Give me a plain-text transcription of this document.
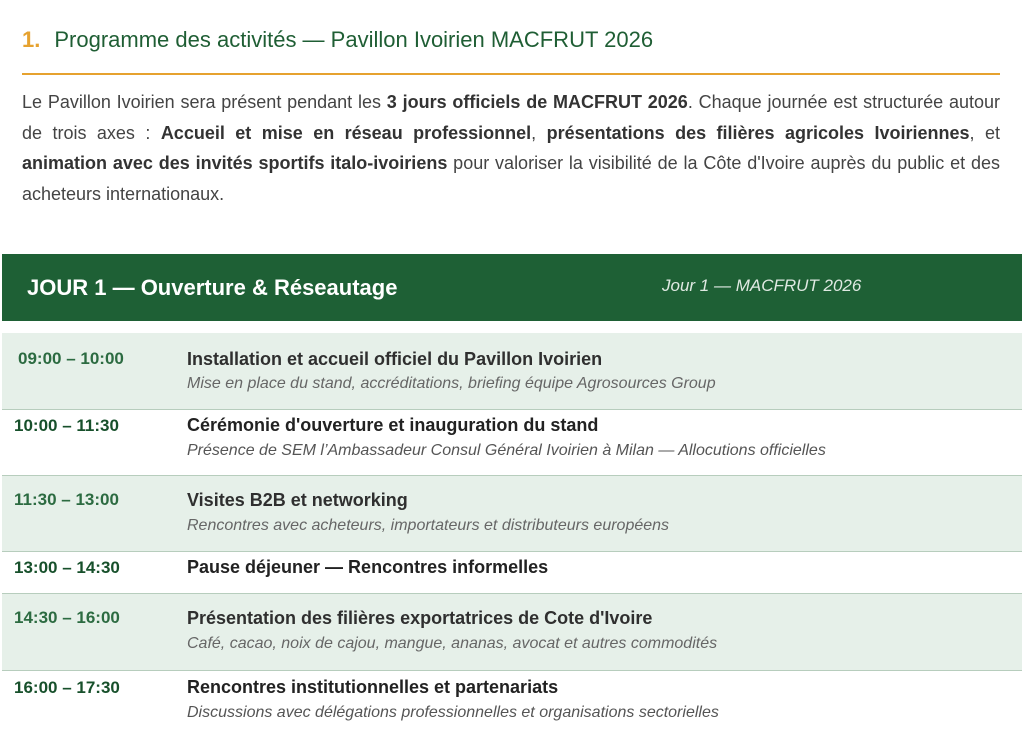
1. Programme des activités — Pavillon Ivoirien MACFRUT 2026

Le Pavillon Ivoirien sera présent pendant les 3 jours officiels de MACFRUT 2026. Chaque journée est structurée autour de trois axes : Accueil et mise en réseau professionnel, présentations des filières agricoles Ivoiriennes, et animation avec des invités sportifs italo-ivoiriens pour valoriser la visibilité de la Côte d'Ivoire auprès du public et des acheteurs internationaux.

JOUR 1 — Ouverture & Réseautage	Jour 1 — MACFRUT 2026
09:00 – 10:00	Installation et accueil officiel du Pavillon Ivoirien
Mise en place du stand, accréditations, briefing équipe Agrosources Group
10:00 – 11:30	Cérémonie d'ouverture et inauguration du stand
Présence de SEM l’Ambassadeur Consul Général Ivoirien à Milan — Allocutions officielles
11:30 – 13:00	Visites B2B et networking
Rencontres avec acheteurs, importateurs et distributeurs européens
13:00 – 14:30	Pause déjeuner — Rencontres informelles
14:30 – 16:00	Présentation des filières exportatrices de Cote d'Ivoire
Café, cacao, noix de cajou, mangue, ananas, avocat et autres commodités
16:00 – 17:30	Rencontres institutionnelles et partenariats
Discussions avec délégations professionnelles et organisations sectorielles
